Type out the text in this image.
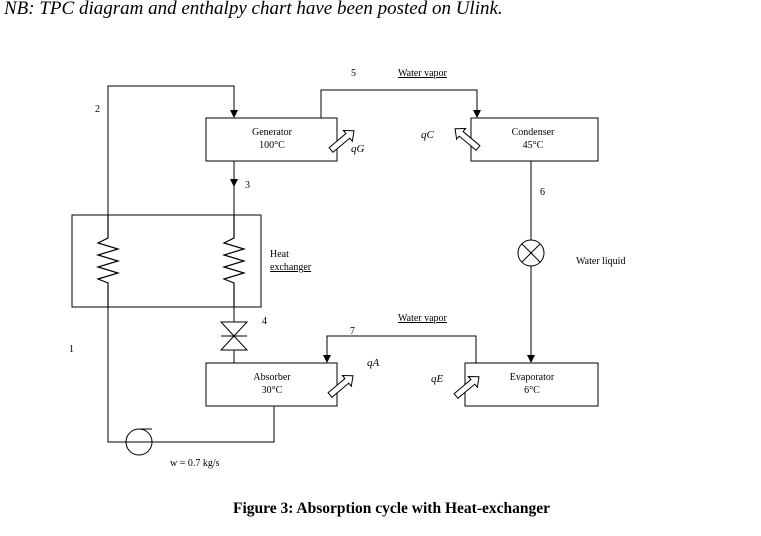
NB: TPC diagram and enthalpy chart have been posted on Ulink.
Generator
100°C
Condenser
45°C
Heat
exchanger
Absorber
30°C
Evaporator
6°C
Water vapor
Water vapor
Water liquid
w = 0.7 kg/s
1
2
3
4
5
6
7
qG
qC
qA
qE
Figure 3: Absorption cycle with Heat-exchanger
